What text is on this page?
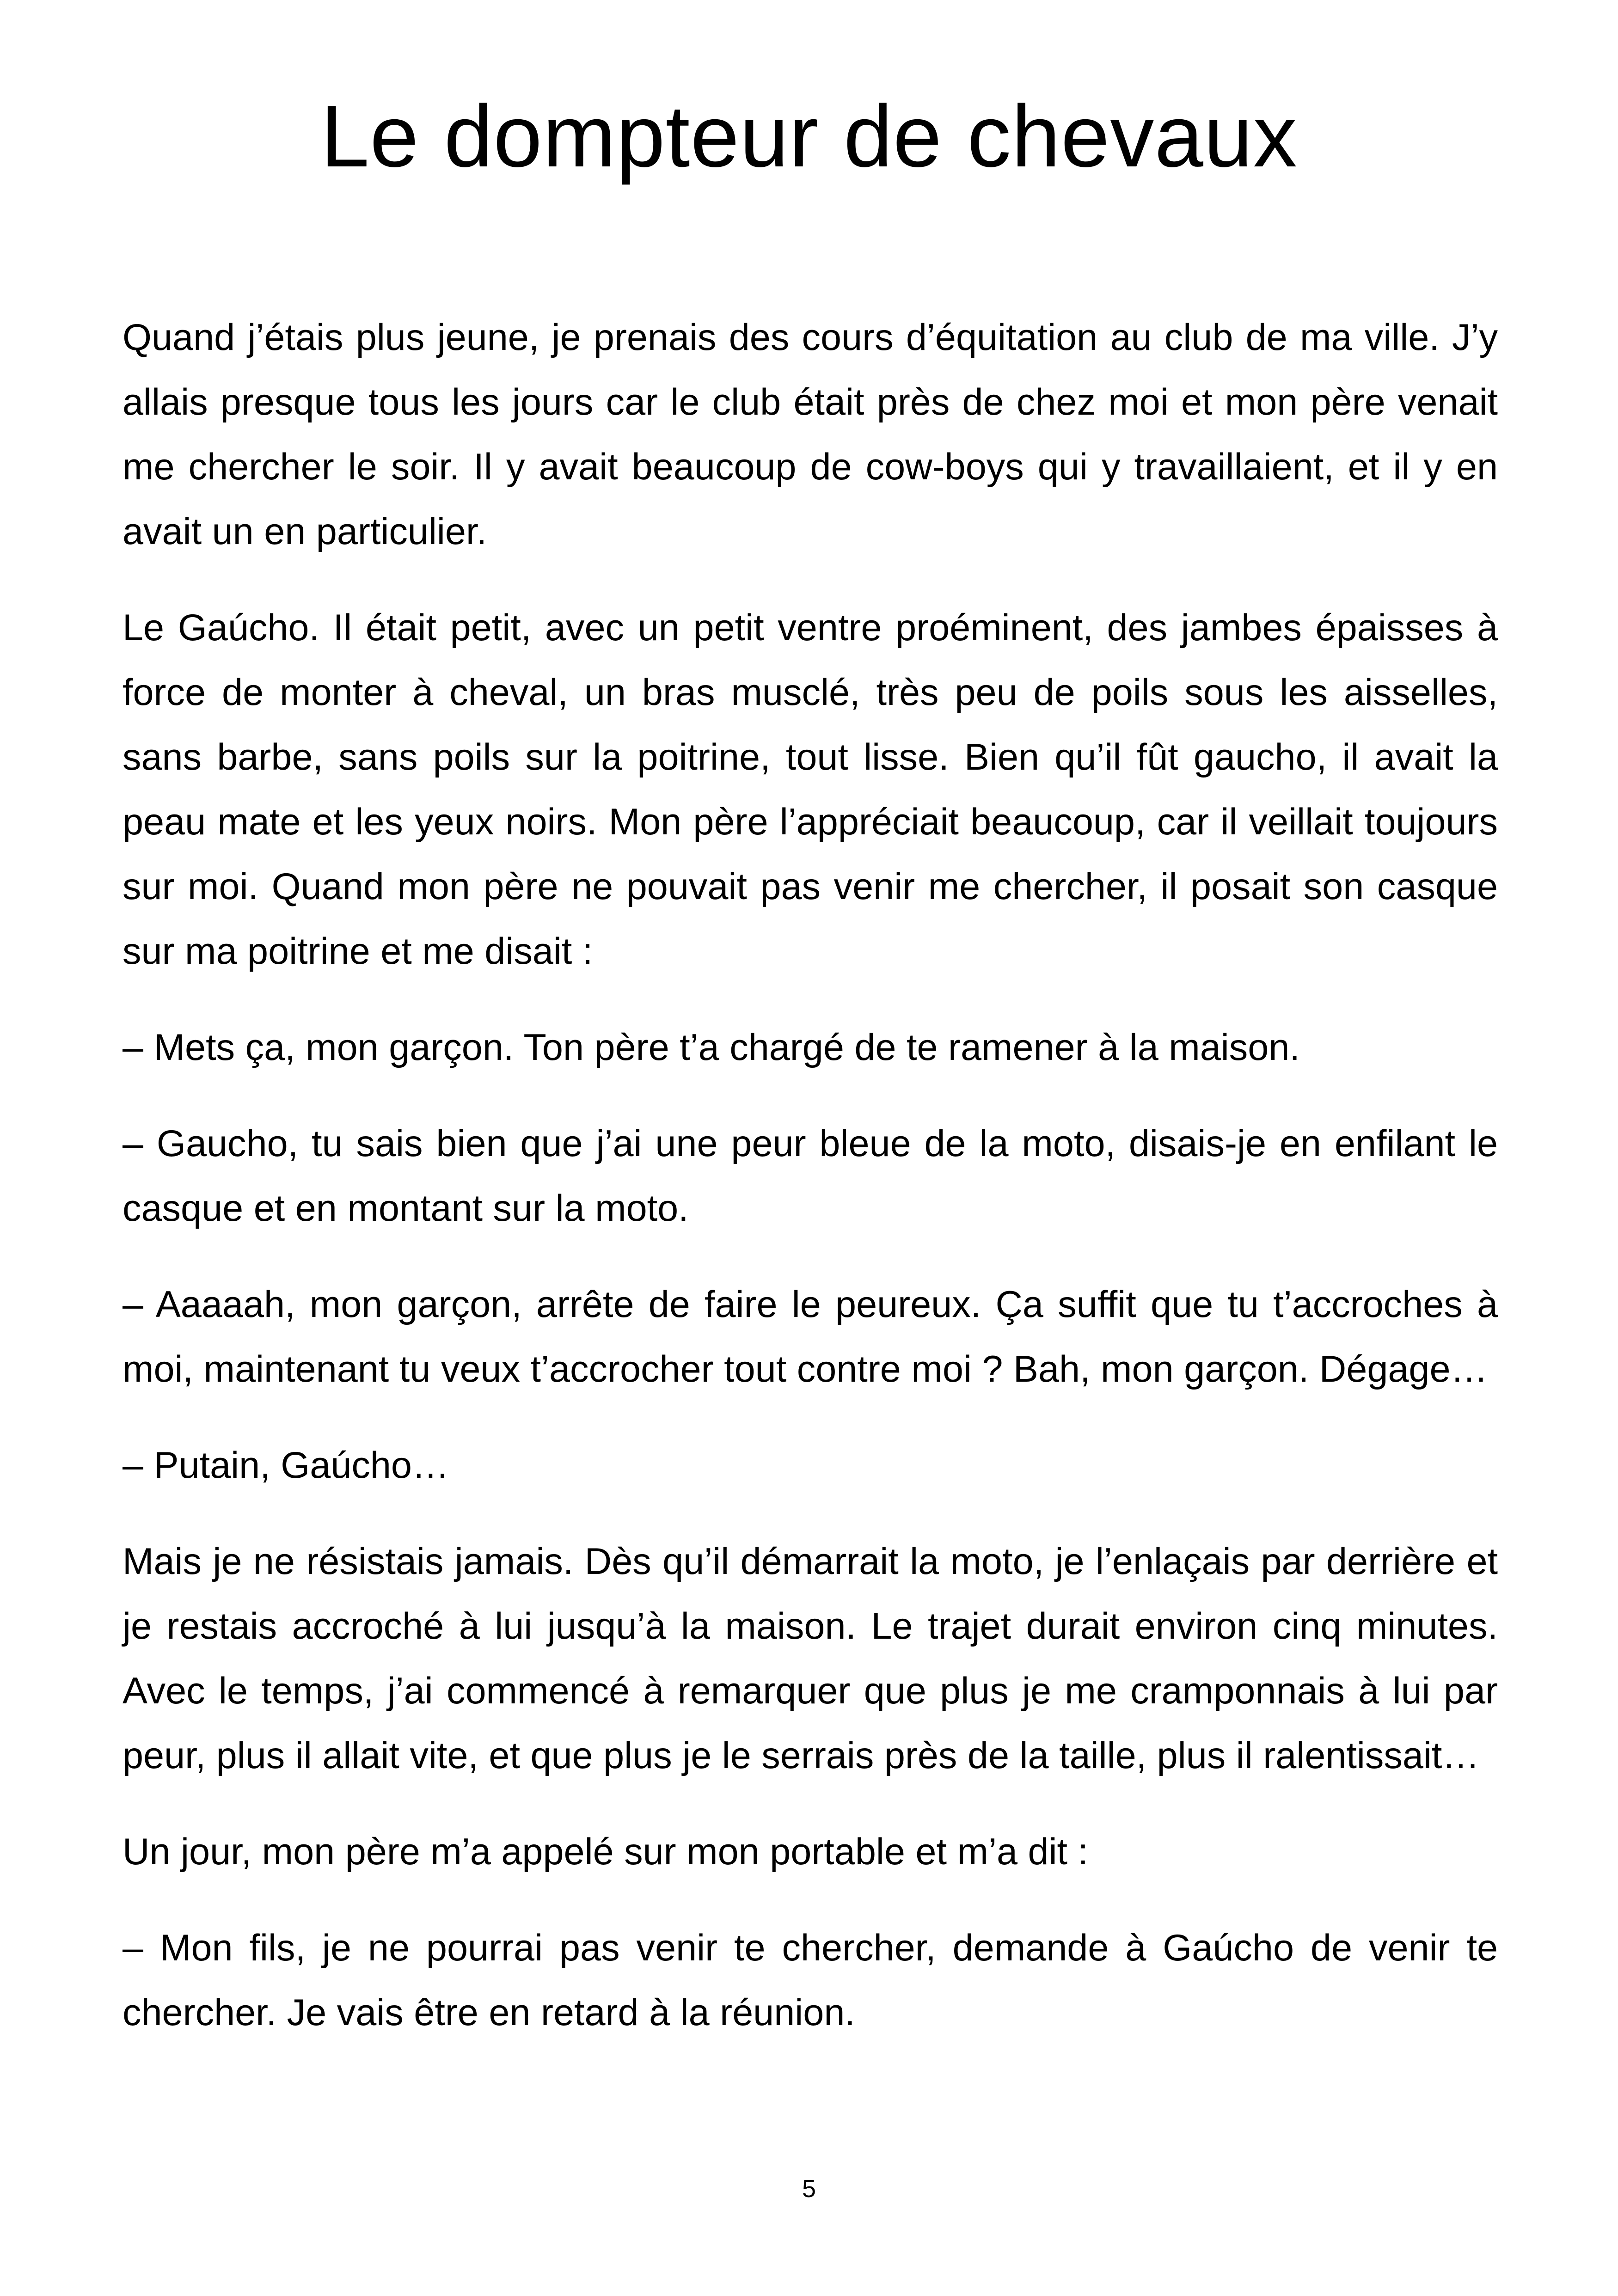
Le dompteur de chevaux

Quand j’étais plus jeune, je prenais des cours d’équitation au club de ma ville. J’y allais presque tous les jours car le club était près de chez moi et mon père venait me chercher le soir. Il y avait beaucoup de cow-boys qui y travaillaient, et il y en avait un en particulier.

Le Gaúcho. Il était petit, avec un petit ventre proéminent, des jambes épaisses à force de monter à cheval, un bras musclé, très peu de poils sous les aisselles, sans barbe, sans poils sur la poitrine, tout lisse. Bien qu’il fût gaucho, il avait la peau mate et les yeux noirs. Mon père l’appréciait beaucoup, car il veillait toujours sur moi. Quand mon père ne pouvait pas venir me chercher, il posait son casque sur ma poitrine et me disait :

– Mets ça, mon garçon. Ton père t’a chargé de te ramener à la maison.

– Gaucho, tu sais bien que j’ai une peur bleue de la moto, disais-je en enfilant le casque et en montant sur la moto.

– Aaaaah, mon garçon, arrête de faire le peureux. Ça suffit que tu t’accroches à moi, maintenant tu veux t’accrocher tout contre moi ? Bah, mon garçon. Dégage…

– Putain, Gaúcho…

Mais je ne résistais jamais. Dès qu’il démarrait la moto, je l’enlaçais par derrière et je restais accroché à lui jusqu’à la maison. Le trajet durait environ cinq minutes. Avec le temps, j’ai commencé à remarquer que plus je me cramponnais à lui par peur, plus il allait vite, et que plus je le serrais près de la taille, plus il ralentissait…

Un jour, mon père m’a appelé sur mon portable et m’a dit :

– Mon fils, je ne pourrai pas venir te chercher, demande à Gaúcho de venir te chercher. Je vais être en retard à la réunion.

5
